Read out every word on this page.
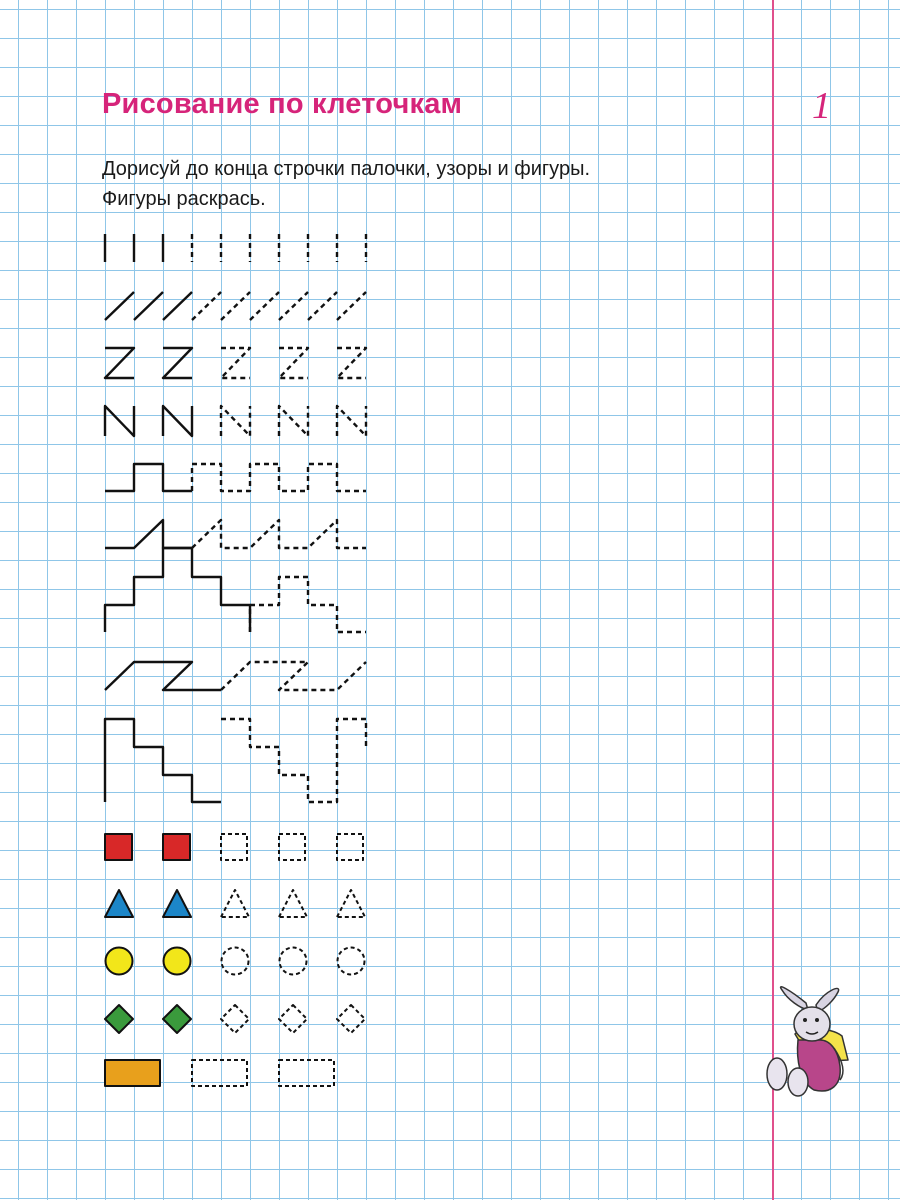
Рисование по клеточкам	1
Дорисуй до конца строчки палочки, узоры и фигуры.
Фигуры раскрась.
